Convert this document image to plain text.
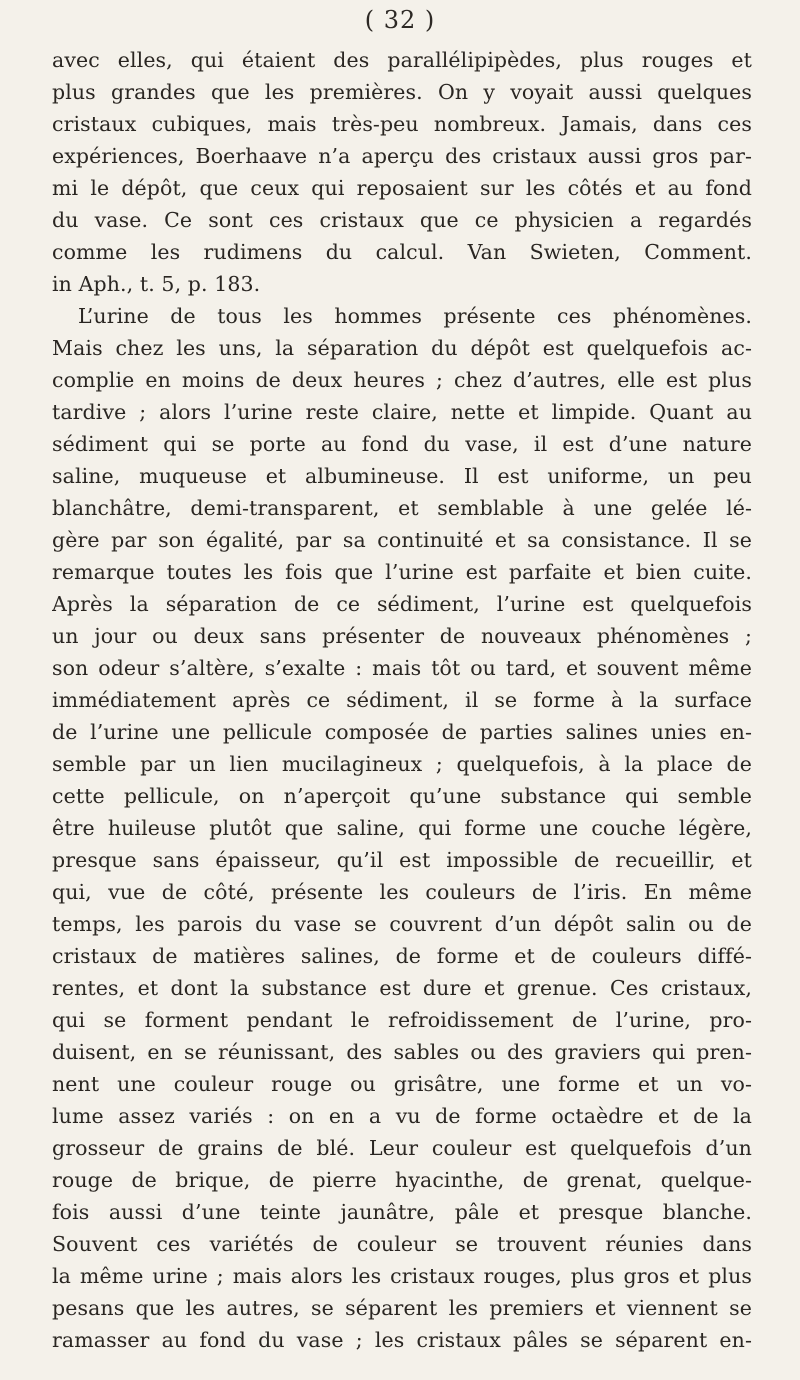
( 32 )
avec elles, qui étaient des parallélipipèdes, plus rouges et
plus grandes que les premières. On y voyait aussi quelques
cristaux cubiques, mais très-peu nombreux. Jamais, dans ces
expériences, Boerhaave n’a aperçu des cristaux aussi gros par-
mi le dépôt, que ceux qui reposaient sur les côtés et au fond
du vase. Ce sont ces cristaux que ce physicien a regardés
comme les rudimens du calcul. Van Swieten, Comment.
in Aph., t. 5, p. 183.
L’urine de tous les hommes présente ces phénomènes.
Mais chez les uns, la séparation du dépôt est quelquefois ac-
complie en moins de deux heures ; chez d’autres, elle est plus
tardive ; alors l’urine reste claire, nette et limpide. Quant au
sédiment qui se porte au fond du vase, il est d’une nature
saline, muqueuse et albumineuse. Il est uniforme, un peu
blanchâtre, demi-transparent, et semblable à une gelée lé-
gère par son égalité, par sa continuité et sa consistance. Il se
remarque toutes les fois que l’urine est parfaite et bien cuite.
Après la séparation de ce sédiment, l’urine est quelquefois
un jour ou deux sans présenter de nouveaux phénomènes ;
son odeur s’altère, s’exalte : mais tôt ou tard, et souvent même
immédiatement après ce sédiment, il se forme à la surface
de l’urine une pellicule composée de parties salines unies en-
semble par un lien mucilagineux ; quelquefois, à la place de
cette pellicule, on n’aperçoit qu’une substance qui semble
être huileuse plutôt que saline, qui forme une couche légère,
presque sans épaisseur, qu’il est impossible de recueillir, et
qui, vue de côté, présente les couleurs de l’iris. En même
temps, les parois du vase se couvrent d’un dépôt salin ou de
cristaux de matières salines, de forme et de couleurs diffé-
rentes, et dont la substance est dure et grenue. Ces cristaux,
qui se forment pendant le refroidissement de l’urine, pro-
duisent, en se réunissant, des sables ou des graviers qui pren-
nent une couleur rouge ou grisâtre, une forme et un vo-
lume assez variés : on en a vu de forme octaèdre et de la
grosseur de grains de blé. Leur couleur est quelquefois d’un
rouge de brique, de pierre hyacinthe, de grenat, quelque-
fois aussi d’une teinte jaunâtre, pâle et presque blanche.
Souvent ces variétés de couleur se trouvent réunies dans
la même urine ; mais alors les cristaux rouges, plus gros et plus
pesans que les autres, se séparent les premiers et viennent se
ramasser au fond du vase ; les cristaux pâles se séparent en-
